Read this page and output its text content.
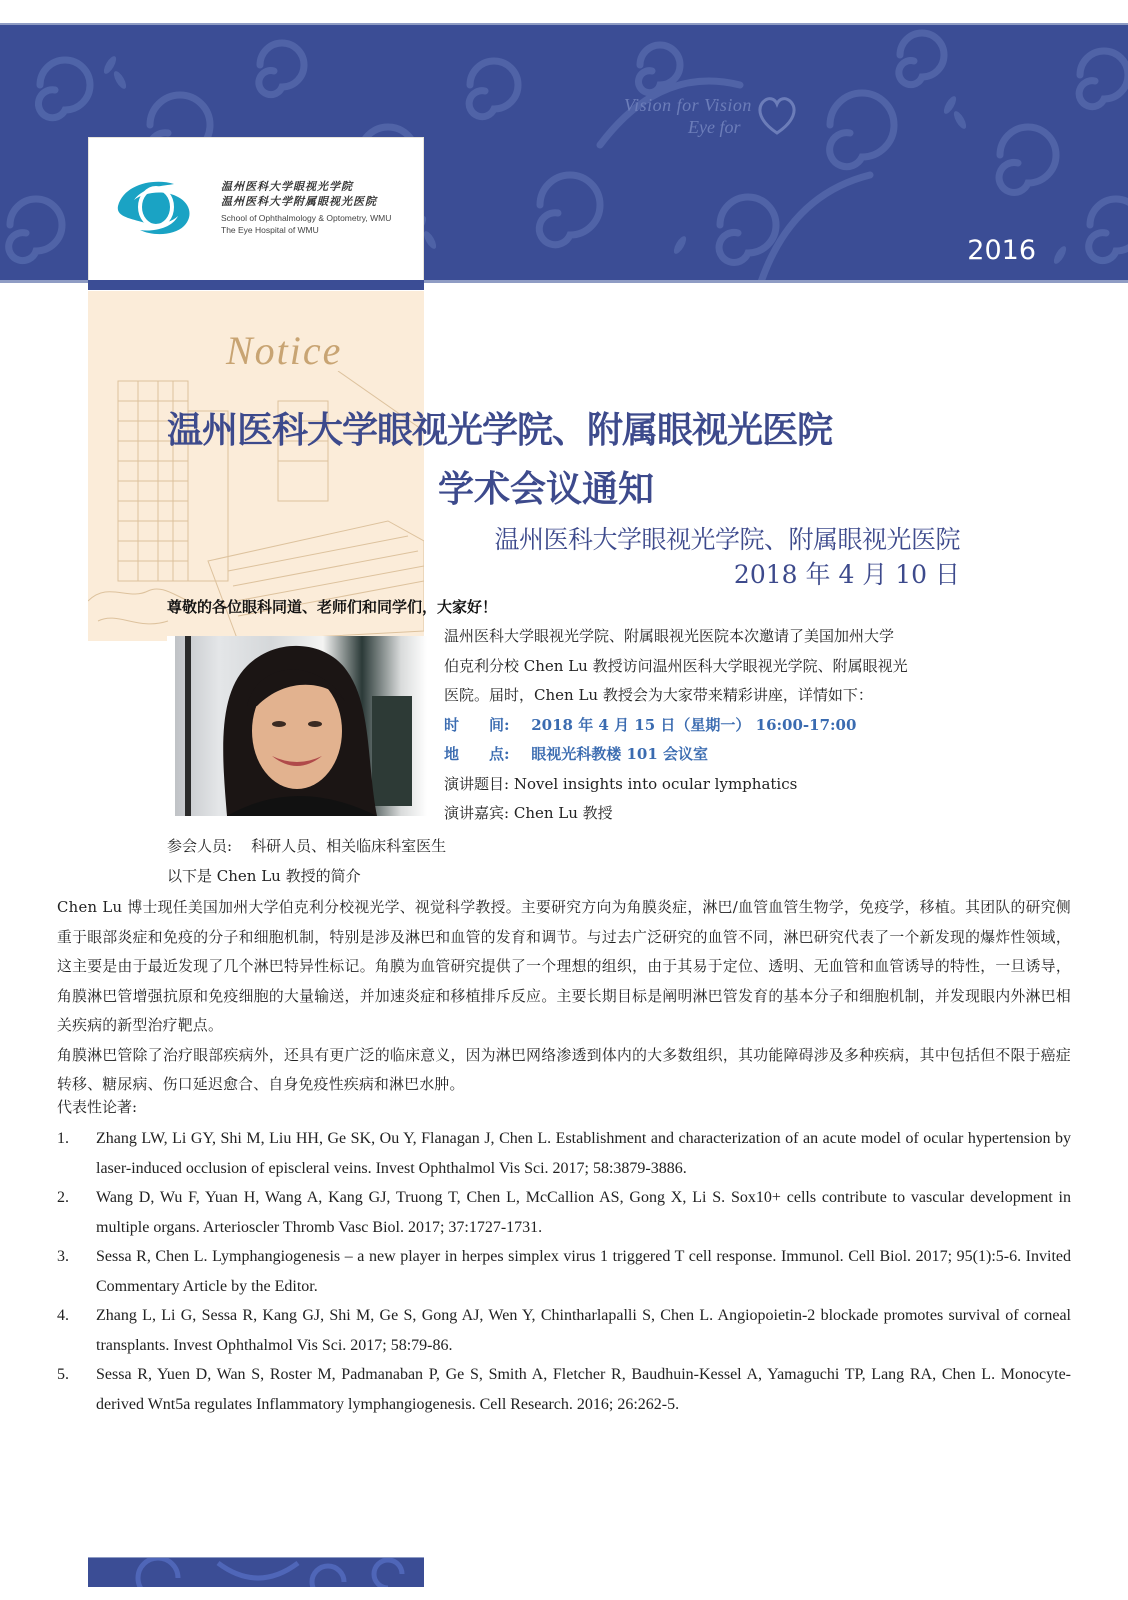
Vision for Vision
Eye for
2016
温州医科大学眼视光学院
温州医科大学附属眼视光医院
School of Ophthalmology & Optometry, WMU
The Eye Hospital of WMU
Notice
温州医科大学眼视光学院、附属眼视光医院
学术会议通知
温州医科大学眼视光学院、附属眼视光医院
2018 年 4 月 10 日
尊敬的各位眼科同道、老师们和同学们，大家好！
温州医科大学眼视光学院、附属眼视光医院本次邀请了美国加州大学
伯克利分校 Chen Lu 教授访问温州医科大学眼视光学院、附属眼视光
医院。届时，Chen Lu 教授会为大家带来精彩讲座，详情如下：
时　　间: 2018 年 4 月 15 日（星期一） 16:00-17:00
地　　点: 眼视光科教楼 101 会议室
演讲题目: Novel insights into ocular lymphatics
演讲嘉宾: Chen Lu 教授
参会人员: 科研人员、相关临床科室医生
以下是 Chen Lu 教授的简介

Chen Lu 博士现任美国加州大学伯克利分校视光学、视觉科学教授。主要研究方向为角膜炎症，淋巴/血管血管生物学，免疫学，移植。其团队的研究侧重于眼部炎症和免疫的分子和细胞机制，特别是涉及淋巴和血管的发育和调节。与过去广泛研究的血管不同，淋巴研究代表了一个新发现的爆炸性领域，这主要是由于最近发现了几个淋巴特异性标记。角膜为血管研究提供了一个理想的组织，由于其易于定位、透明、无血管和血管诱导的特性，一旦诱导，角膜淋巴管增强抗原和免疫细胞的大量输送，并加速炎症和移植排斥反应。主要长期目标是阐明淋巴管发育的基本分子和细胞机制，并发现眼内外淋巴相关疾病的新型治疗靶点。

角膜淋巴管除了治疗眼部疾病外，还具有更广泛的临床意义，因为淋巴网络渗透到体内的大多数组织，其功能障碍涉及多种疾病，其中包括但不限于癌症转移、糖尿病、伤口延迟愈合、自身免疫性疾病和淋巴水肿。

代表性论著:
1. Zhang LW, Li GY, Shi M, Liu HH, Ge SK, Ou Y, Flanagan J, Chen L. Establishment and characterization of an acute model of ocular hypertension by laser-induced occlusion of episcleral veins. Invest Ophthalmol Vis Sci. 2017; 58:3879-3886.
2. Wang D, Wu F, Yuan H, Wang A, Kang GJ, Truong T, Chen L, McCallion AS, Gong X, Li S. Sox10+ cells contribute to vascular development in multiple organs. Arterioscler Thromb Vasc Biol. 2017; 37:1727-1731.
3. Sessa R, Chen L. Lymphangiogenesis – a new player in herpes simplex virus 1 triggered T cell response. Immunol. Cell Biol. 2017; 95(1):5-6. Invited Commentary Article by the Editor.
4. Zhang L, Li G, Sessa R, Kang GJ, Shi M, Ge S, Gong AJ, Wen Y, Chintharlapalli S, Chen L. Angiopoietin-2 blockade promotes survival of corneal transplants. Invest Ophthalmol Vis Sci. 2017; 58:79-86.
5. Sessa R, Yuen D, Wan S, Roster M, Padmanaban P, Ge S, Smith A, Fletcher R, Baudhuin-Kessel A, Yamaguchi TP, Lang RA, Chen L. Monocyte-derived Wnt5a regulates Inflammatory lymphangiogenesis. Cell Research. 2016; 26:262-5.
